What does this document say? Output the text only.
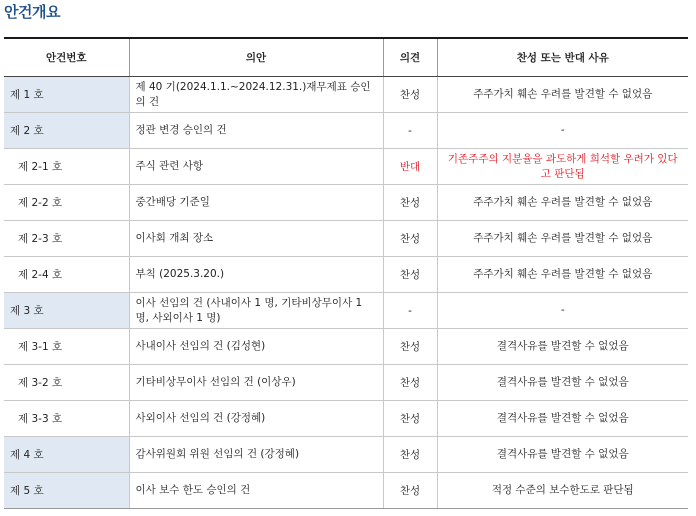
안건개요
안건번호	의안	의견	찬성 또는 반대 사유
제 1 호	제 40 기(2024.1.1.~2024.12.31.)재무제표 승인의 건	찬성	주주가치 훼손 우려를 발견할 수 없었음
제 2 호	정관 변경 승인의 건	-	-
제 2-1 호	주식 관련 사항	반대	기존주주의 지분율을 과도하게 희석할 우려가 있다고 판단됨
제 2-2 호	중간배당 기준일	찬성	주주가치 훼손 우려를 발견할 수 없었음
제 2-3 호	이사회 개최 장소	찬성	주주가치 훼손 우려를 발견할 수 없었음
제 2-4 호	부칙 (2025.3.20.)	찬성	주주가치 훼손 우려를 발견할 수 없었음
제 3 호	이사 선임의 건 (사내이사 1 명, 기타비상무이사 1 명, 사외이사 1 명)	-	-
제 3-1 호	사내이사 선임의 건 (김성현)	찬성	결격사유를 발견할 수 없었음
제 3-2 호	기타비상무이사 선임의 건 (이상우)	찬성	결격사유를 발견할 수 없었음
제 3-3 호	사외이사 선임의 건 (강정혜)	찬성	결격사유를 발견할 수 없었음
제 4 호	감사위원회 위원 선임의 건 (강정혜)	찬성	결격사유를 발견할 수 없었음
제 5 호	이사 보수 한도 승인의 건	찬성	적정 수준의 보수한도로 판단됨
